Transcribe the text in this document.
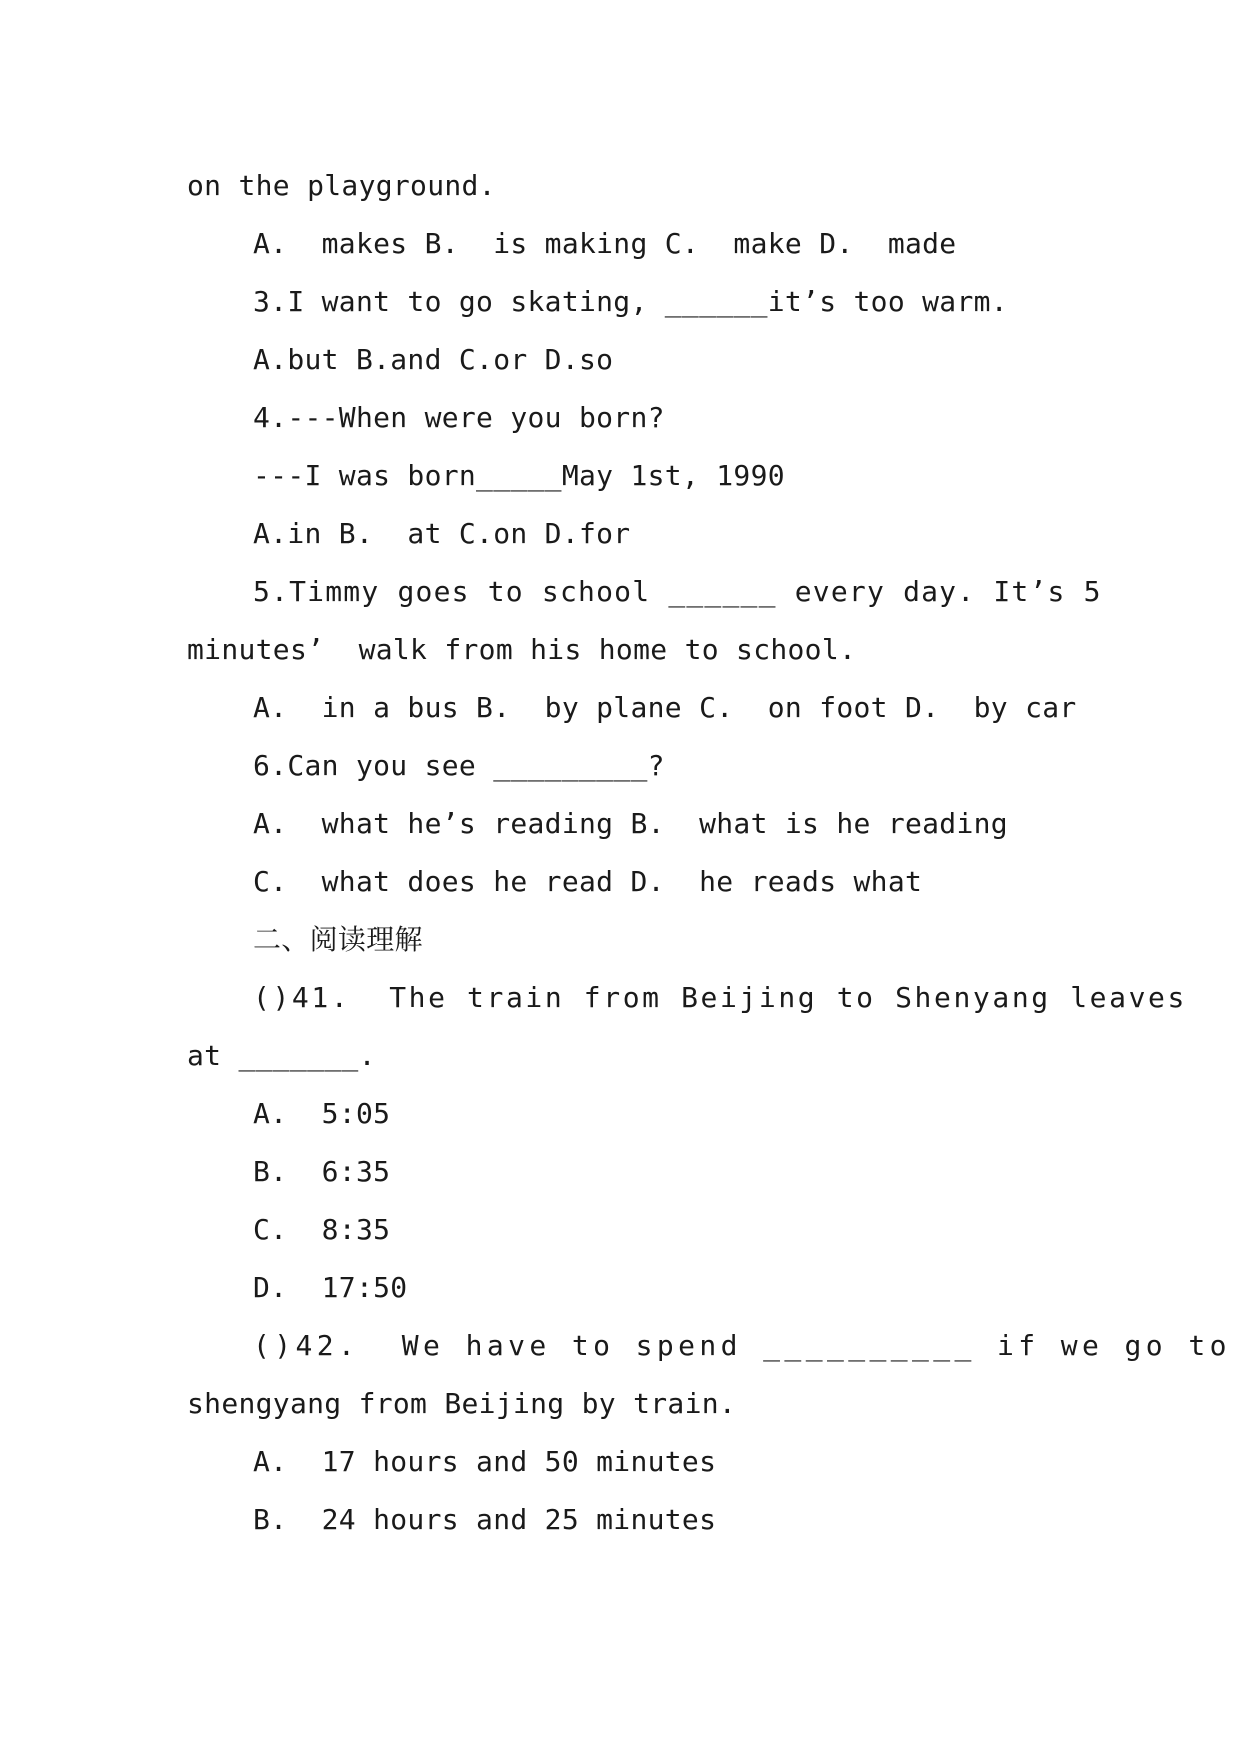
on the playground.
A.  makes B.  is making C.  make D.  made
3.I want to go skating, ______it’s too warm.
A.but B.and C.or D.so
4.---When were you born?
---I was born_____May 1st, 1990
A.in B.  at C.on D.for
5.Timmy goes to school ______ every day. It’s 5
minutes’  walk from his home to school.
A.  in a bus B.  by plane C.  on foot D.  by car
6.Can you see _________?
A.  what he’s reading B.  what is he reading
C.  what does he read D.  he reads what
二、阅读理解
()41.  The train from Beijing to Shenyang leaves
at _______.
A.  5:05
B.  6:35
C.  8:35
D.  17:50
()42.  We have to spend __________ if we go to
shengyang from Beijing by train.
A.  17 hours and 50 minutes
B.  24 hours and 25 minutes
